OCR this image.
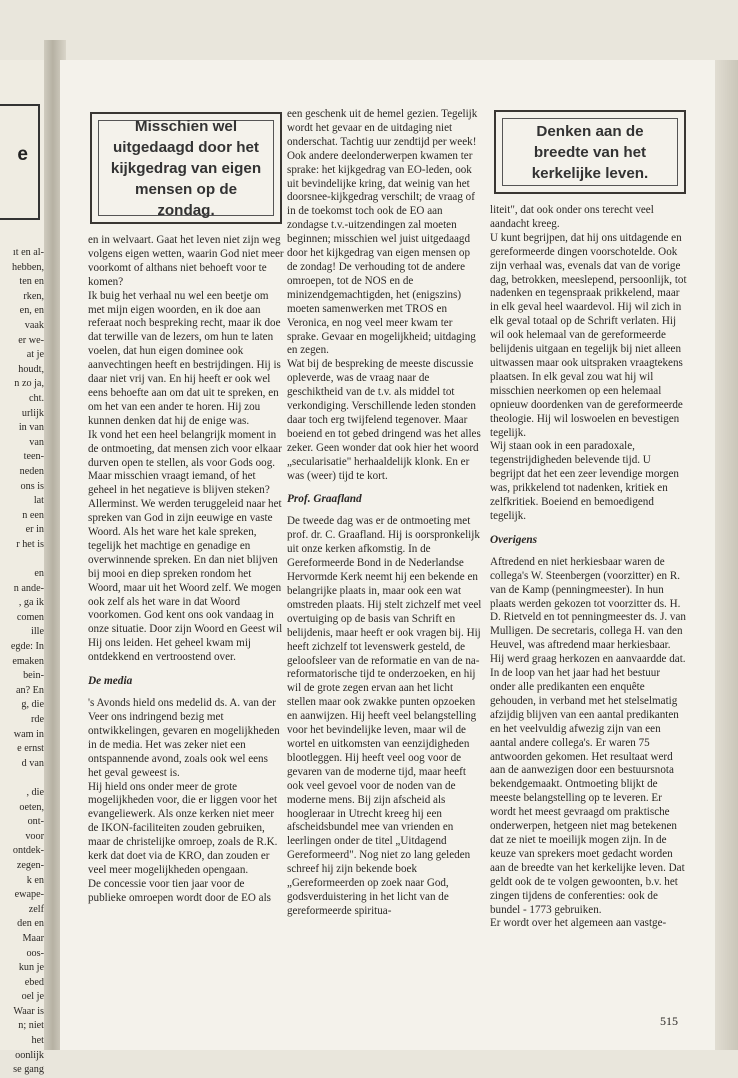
e
ıt en al-
hebben,
ten en
rken,
en, en
vaak
er we-
at je
houdt,
n zo ja,
cht.
urlijk
in van
van
teen-
neden
ons is
lat
n een
er in
r het is

en
n ande-
, ga ik
comen
ille
egde: In
emaken
bein-
an? En
g, die
rde
wam in
e ernst
d van

, die
oeten,
ont-
voor
ontdek-
zegen-
k en
ewape-
zelf
den en
Maar
oos-
kun je
ebed
oel je
Waar is
n; niet
het
oonlijk
se gang
Misschien wel uitgedaagd door het kijkgedrag van eigen mensen op de zondag.

en in welvaart. Gaat het leven niet zijn weg volgens eigen wetten, waarin God niet meer voorkomt of althans niet behoeft voor te komen?

Ik buig het verhaal nu wel een beetje om met mijn eigen woorden, en ik doe aan referaat noch bespreking recht, maar ik doe dat terwille van de lezers, om hun te laten voelen, dat hun eigen dominee ook aanvechtingen heeft en bestrijdingen. Hij is daar niet vrij van. En hij heeft er ook wel eens behoefte aan om dat uit te spreken, en om het van een ander te horen. Hij zou kunnen denken dat hij de enige was.

Ik vond het een heel belangrijk moment in de ontmoeting, dat mensen zich voor elkaar durven open te stellen, als voor Gods oog.

Maar misschien vraagt iemand, of het geheel in het negatieve is blijven steken? Allerminst. We werden teruggeleid naar het spreken van God in zijn eeuwige en vaste Woord. Als het ware het kale spreken, tegelijk het machtige en genadige en overwinnende spreken. En dan niet blijven bij mooi en diep spreken rondom het Woord, maar uit het Woord zelf. We mogen ook zelf als het ware in dat Woord voorkomen. God kent ons ook vandaag in onze situatie. Door zijn Woord en Geest wil Hij ons leiden. Het geheel kwam mij ontdekkend en vertroostend over.

De media

's Avonds hield ons medelid ds. A. van der Veer ons indringend bezig met ontwikkelingen, gevaren en mogelijkheden in de media. Het was zeker niet een ontspannende avond, zoals ook wel eens het geval geweest is.

Hij hield ons onder meer de grote mogelijkheden voor, die er liggen voor het evangeliewerk. Als onze kerken niet meer de IKON-faciliteiten zouden gebruiken, maar de christelijke omroep, zoals de R.K. kerk dat doet via de KRO, dan zouden er veel meer mogelijkheden opengaan.

De concessie voor tien jaar voor de publieke omroepen wordt door de EO als

een geschenk uit de hemel gezien. Tegelijk wordt het gevaar en de uitdaging niet onderschat. Tachtig uur zendtijd per week!

Ook andere deelonderwerpen kwamen ter sprake: het kijkgedrag van EO-leden, ook uit bevindelijke kring, dat weinig van het doorsnee-kijkgedrag verschilt; de vraag of in de toekomst toch ook de EO aan zondagse t.v.-uitzendingen zal moeten beginnen; misschien wel juist uitgedaagd door het kijkgedrag van eigen mensen op de zondag! De verhouding tot de andere omroepen, tot de NOS en de minizendgemachtigden, het (enigszins) moeten samenwerken met TROS en Veronica, en nog veel meer kwam ter sprake. Gevaar en mogelijkheid; uitdaging en zegen.

Wat bij de bespreking de meeste discussie opleverde, was de vraag naar de geschiktheid van de t.v. als middel tot verkondiging. Verschillende leden stonden daar toch erg twijfelend tegenover. Maar boeiend en tot gebed dringend was het alles zeker. Geen wonder dat ook hier het woord „secularisatie" herhaaldelijk klonk. En er was (weer) tijd te kort.

Prof. Graafland

De tweede dag was er de ontmoeting met prof. dr. C. Graafland. Hij is oorspronkelijk uit onze kerken afkomstig. In de Gereformeerde Bond in de Nederlandse Hervormde Kerk neemt hij een bekende en belangrijke plaats in, maar ook een wat omstreden plaats. Hij stelt zichzelf met veel overtuiging op de basis van Schrift en belijdenis, maar heeft er ook vragen bij. Hij heeft zichzelf tot levenswerk gesteld, de geloofsleer van de reformatie en van de na-reformatorische tijd te onderzoeken, en hij wil de grote zegen ervan aan het licht stellen maar ook zwakke punten opzoeken en aanwijzen. Hij heeft veel belangstelling voor het bevindelijke leven, maar wil de wortel en uitkomsten van eenzijdigheden blootleggen. Hij heeft veel oog voor de gevaren van de moderne tijd, maar heeft ook veel gevoel voor de noden van de moderne mens. Bij zijn afscheid als hoogleraar in Utrecht kreeg hij een afscheidsbundel mee van vrienden en leerlingen onder de titel „Uitdagend Gereformeerd". Nog niet zo lang geleden schreef hij zijn bekende boek „Gereformeerden op zoek naar God, godsverduistering in het licht van de gereformeerde spiritua-

Denken aan de breedte van het kerkelijke leven.

liteit", dat ook onder ons terecht veel aandacht kreeg.

U kunt begrijpen, dat hij ons uitdagende en gereformeerde dingen voorschotelde. Ook zijn verhaal was, evenals dat van de vorige dag, betrokken, meeslepend, persoonlijk, tot nadenken en tegenspraak prikkelend, maar in elk geval heel waardevol. Hij wil zich in elk geval totaal op de Schrift verlaten. Hij wil ook helemaal van de gereformeerde belijdenis uitgaan en tegelijk bij niet alleen uitwassen maar ook uitspraken vraagtekens plaatsen. In elk geval zou wat hij wil misschien neerkomen op een helemaal opnieuw doordenken van de gereformeerde theologie. Hij wil loswoelen en bevestigen tegelijk.

Wij staan ook in een paradoxale, tegenstrijdigheden belevende tijd. U begrijpt dat het een zeer levendige morgen was, prikkelend tot nadenken, kritiek en zelfkritiek. Boeiend en bemoedigend tegelijk.

Overigens

Aftredend en niet herkiesbaar waren de collega's W. Steenbergen (voorzitter) en R. van de Kamp (penningmeester). In hun plaats werden gekozen tot voorzitter ds. H. D. Rietveld en tot penningmeester ds. J. van Mulligen. De secretaris, collega H. van den Heuvel, was aftredend maar herkiesbaar. Hij werd graag herkozen en aanvaardde dat.

In de loop van het jaar had het bestuur onder alle predikanten een enquête gehouden, in verband met het stelselmatig afzijdig blijven van een aantal predikanten en het veelvuldig afwezig zijn van een aantal andere collega's. Er waren 75 antwoorden gekomen. Het resultaat werd aan de aanwezigen door een bestuursnota bekendgemaakt. Ontmoeting blijkt de meeste belangstelling op te leveren. Er wordt het meest gevraagd om praktische onderwerpen, hetgeen niet mag betekenen dat ze niet te moeilijk mogen zijn. In de keuze van sprekers moet gedacht worden aan de breedte van het kerkelijke leven. Dat geldt ook de te volgen gewoonten, b.v. het zingen tijdens de conferenties: ook de bundel - 1773 gebruiken.

Er wordt over het algemeen aan vastge-

515
